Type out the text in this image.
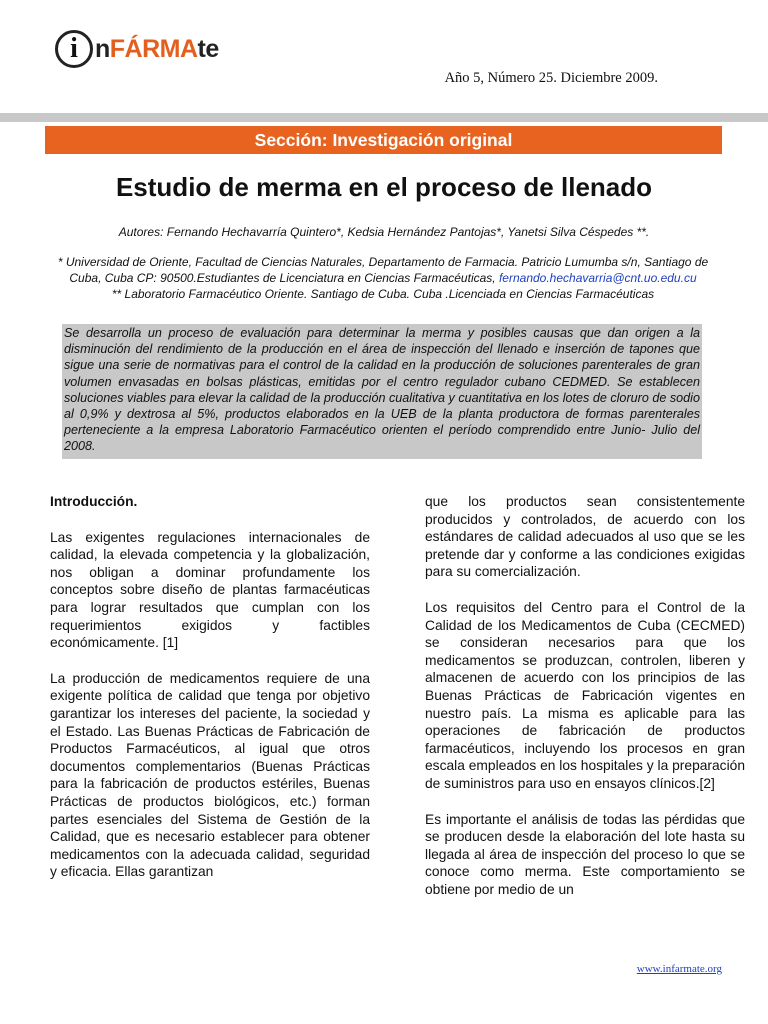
i nFÁRMAte
Año 5, Número 25. Diciembre 2009.
Sección: Investigación original
Estudio de merma en el proceso de llenado
Autores: Fernando Hechavarría Quintero*, Kedsia Hernández Pantojas*, Yanetsi Silva Céspedes **.
* Universidad de Oriente, Facultad de Ciencias Naturales, Departamento de Farmacia. Patricio Lumumba s/n, Santiago de Cuba, Cuba CP: 90500.Estudiantes de Licenciatura en Ciencias Farmacéuticas, fernando.hechavarria@cnt.uo.edu.cu
** Laboratorio Farmacéutico Oriente. Santiago de Cuba. Cuba .Licenciada en Ciencias Farmacéuticas
Se desarrolla un proceso de evaluación para determinar la merma y posibles causas que dan origen a la disminución del rendimiento de la producción en el área de inspección del llenado e inserción de tapones que sigue una serie de normativas para el control de la calidad en la producción de soluciones parenterales de gran volumen envasadas en bolsas plásticas, emitidas por el centro regulador cubano CEDMED. Se establecen soluciones viables para elevar la calidad de la producción cualitativa y cuantitativa en los lotes de cloruro de sodio al 0,9% y dextrosa al 5%, productos elaborados en la UEB de la planta productora de formas parenterales perteneciente a la empresa Laboratorio Farmacéutico orienten el período comprendido entre Junio- Julio del 2008.

Introducción.

Las exigentes regulaciones internacionales de calidad, la elevada competencia y la globalización, nos obligan a dominar profundamente los conceptos sobre diseño de plantas farmacéuticas para lograr resultados que cumplan con los requerimientos exigidos y factibles económicamente. [1]

La producción de medicamentos requiere de una exigente política de calidad que tenga por objetivo garantizar los intereses del paciente, la sociedad y el Estado. Las Buenas Prácticas de Fabricación de Productos Farmacéuticos, al igual que otros documentos complementarios (Buenas Prácticas para la fabricación de productos estériles, Buenas Prácticas de productos biológicos, etc.) forman partes esenciales del Sistema de Gestión de la Calidad, que es necesario establecer para obtener medicamentos con la adecuada calidad, seguridad y eficacia. Ellas garantizan

que los productos sean consistentemente producidos y controlados, de acuerdo con los estándares de calidad adecuados al uso que se les pretende dar y conforme a las condiciones exigidas para su comercialización.

Los requisitos del Centro para el Control de la Calidad de los Medicamentos de Cuba (CECMED) se consideran necesarios para que los medicamentos se produzcan, controlen, liberen y almacenen de acuerdo con los principios de las Buenas Prácticas de Fabricación vigentes en nuestro país. La misma es aplicable para las operaciones de fabricación de productos farmacéuticos, incluyendo los procesos en gran escala empleados en los hospitales y la preparación de suministros para uso en ensayos clínicos.[2]

Es importante el análisis de todas las pérdidas que se producen desde la elaboración del lote hasta su llegada al área de inspección del proceso lo que se conoce como merma. Este comportamiento se obtiene por medio de un

www.infarmate.org
